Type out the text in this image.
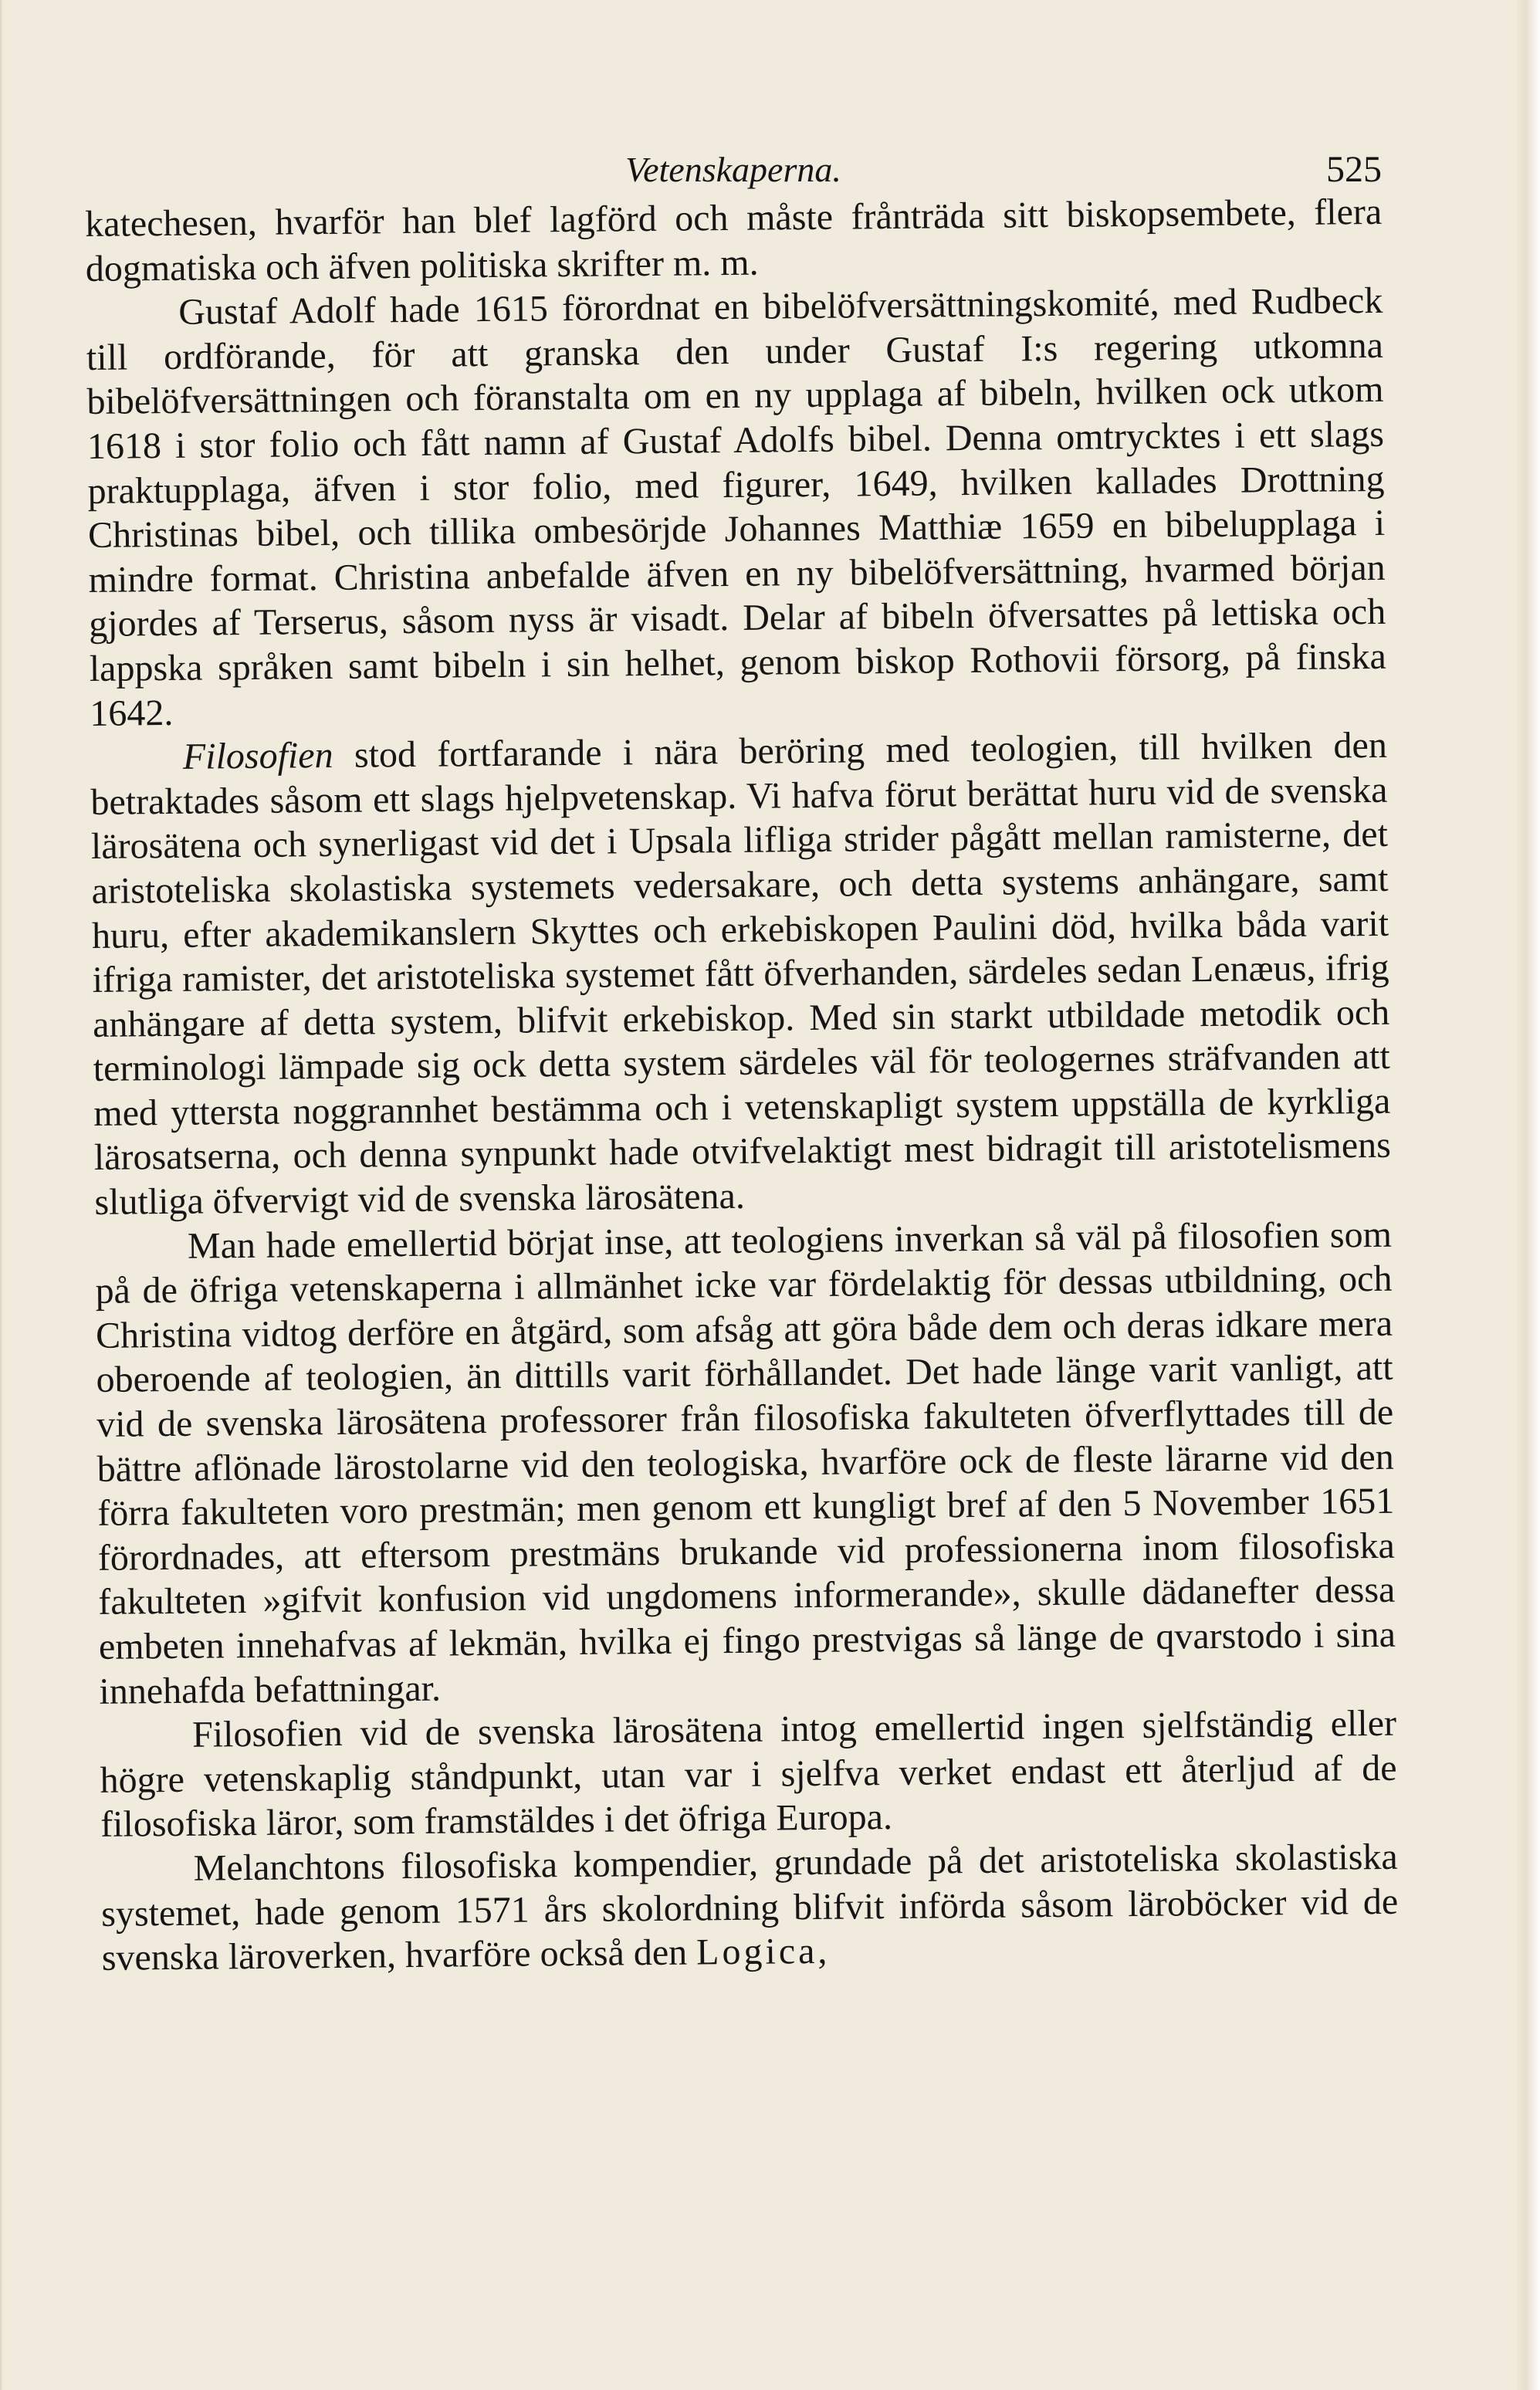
Vetenskaperna.	525

katechesen, hvarför han blef lagförd och måste frånträda sitt biskopsembete, flera dogmatiska och äfven politiska skrifter m. m.

Gustaf Adolf hade 1615 förordnat en bibelöfversättningskomité, med Rudbeck till ordförande, för att granska den under Gustaf I:s regering utkomna bibelöfversättningen och föranstalta om en ny upplaga af bibeln, hvilken ock utkom 1618 i stor folio och fått namn af Gustaf Adolfs bibel. Denna omtrycktes i ett slags praktupplaga, äfven i stor folio, med figurer, 1649, hvilken kallades Drottning Christinas bibel, och tillika ombesörjde Johannes Matthiæ 1659 en bibelupplaga i mindre format. Christina anbefalde äfven en ny bibelöfversättning, hvarmed början gjordes af Terserus, såsom nyss är visadt. Delar af bibeln öfversattes på lettiska och lappska språken samt bibeln i sin helhet, genom biskop Rothovii försorg, på finska 1642.

Filosofien stod fortfarande i nära beröring med teologien, till hvilken den betraktades såsom ett slags hjelpvetenskap. Vi hafva förut berättat huru vid de svenska lärosätena och synerligast vid det i Upsala lifliga strider pågått mellan ramisterne, det aristoteliska skolastiska systemets vedersakare, och detta systems anhängare, samt huru, efter akademikanslern Skyttes och erkebiskopen Paulini död, hvilka båda varit ifriga ramister, det aristoteliska systemet fått öfverhanden, särdeles sedan Lenæus, ifrig anhängare af detta system, blifvit erkebiskop. Med sin starkt utbildade metodik och terminologi lämpade sig ock detta system särdeles väl för teologernes sträfvanden att med yttersta noggrannhet bestämma och i vetenskapligt system uppställa de kyrkliga lärosatserna, och denna synpunkt hade otvifvelaktigt mest bidragit till aristotelismens slutliga öfvervigt vid de svenska lärosätena.

Man hade emellertid börjat inse, att teologiens inverkan så väl på filosofien som på de öfriga vetenskaperna i allmänhet icke var fördelaktig för dessas utbildning, och Christina vidtog derföre en åtgärd, som afsåg att göra både dem och deras idkare mera oberoende af teologien, än dittills varit förhållandet. Det hade länge varit vanligt, att vid de svenska lärosätena professorer från filosofiska fakulteten öfverflyttades till de bättre aflönade lärostolarne vid den teologiska, hvarföre ock de fleste lärarne vid den förra fakulteten voro prestmän; men genom ett kungligt bref af den 5 November 1651 förordnades, att eftersom prestmäns brukande vid professionerna inom filosofiska fakulteten »gifvit konfusion vid ungdomens informerande», skulle dädanefter dessa embeten innehafvas af lekmän, hvilka ej fingo prestvigas så länge de qvarstodo i sina innehafda befattningar.

Filosofien vid de svenska lärosätena intog emellertid ingen sjelfständig eller högre vetenskaplig ståndpunkt, utan var i sjelfva verket endast ett återljud af de filosofiska läror, som framstäldes i det öfriga Europa.

Melanchtons filosofiska kompendier, grundade på det aristoteliska skolastiska systemet, hade genom 1571 års skolordning blifvit införda såsom läroböcker vid de svenska läroverken, hvarföre också den Logica,
